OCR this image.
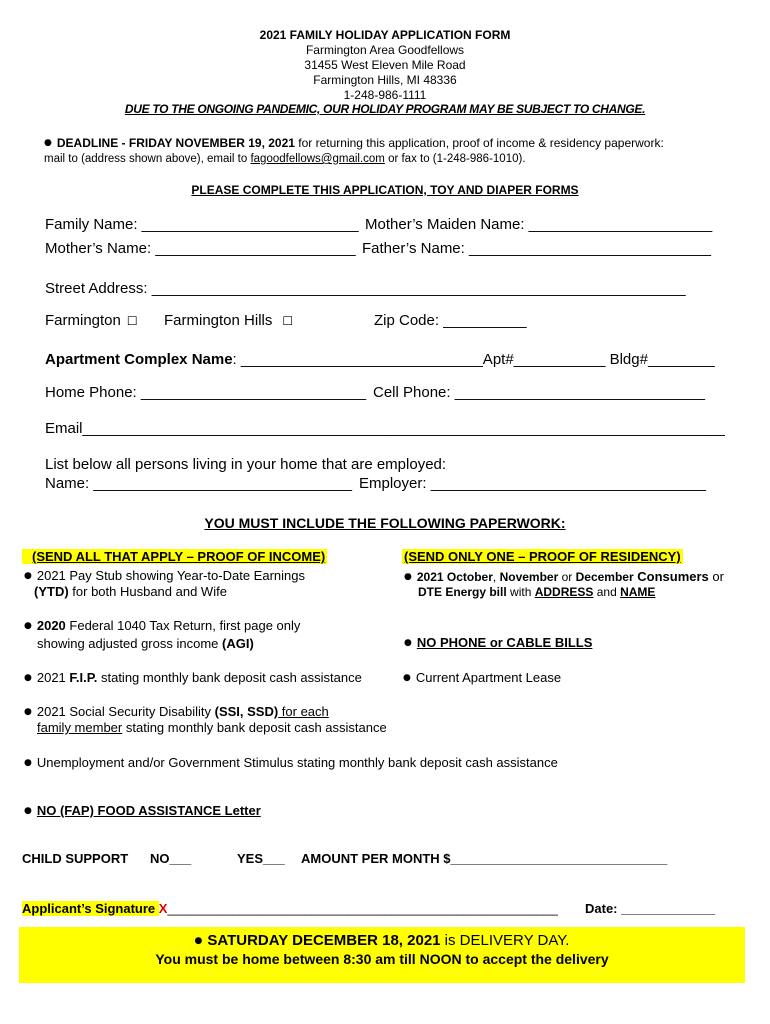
2021 FAMILY HOLIDAY APPLICATION FORM
Farmington Area Goodfellows
31455 West Eleven Mile Road
Farmington Hills, MI 48336
1-248-986-1111
DUE TO THE ONGOING PANDEMIC, OUR HOLIDAY PROGRAM MAY BE SUBJECT TO CHANGE.
● DEADLINE - FRIDAY NOVEMBER 19, 2021 for returning this application, proof of income & residency paperwork:
mail to (address shown above), email to fagoodfellows@gmail.com or fax to (1-248-986-1010).
PLEASE COMPLETE THIS APPLICATION, TOY AND DIAPER FORMS
Family Name: __________________________ Mother’s Maiden Name: ______________________
Mother’s Name: ________________________ Father’s Name: _____________________________
Street Address: ________________________________________________________________
Farmington ☐ Farmington Hills ☐	Zip Code: __________
Apartment Complex Name: _____________________________Apt#___________ Bldg#________
Home Phone: ___________________________ Cell Phone: ______________________________
Email_____________________________________________________________________________
List below all persons living in your home that are employed:
Name: _______________________________ Employer: _________________________________
YOU MUST INCLUDE THE FOLLOWING PAPERWORK:
(SEND ALL THAT APPLY – PROOF OF INCOME)	(SEND ONLY ONE – PROOF OF RESIDENCY)
● 2021 Pay Stub showing Year-to-Date Earnings
(YTD) for both Husband and Wife
● 2021 October, November or December Consumers or
DTE Energy bill with ADDRESS and NAME
● 2020 Federal 1040 Tax Return, first page only
showing adjusted gross income (AGI)	● NO PHONE or CABLE BILLS
● 2021 F.I.P. stating monthly bank deposit cash assistance	● Current Apartment Lease
● 2021 Social Security Disability (SSI, SSD) for each
family member stating monthly bank deposit cash assistance
● Unemployment and/or Government Stimulus stating monthly bank deposit cash assistance
● NO (FAP) FOOD ASSISTANCE Letter
CHILD SUPPORT NO___	YES___ AMOUNT PER MONTH $______________________________
Applicant’s Signature X______________________________________________________ Date: _____________
● SATURDAY DECEMBER 18, 2021 is DELIVERY DAY.
You must be home between 8:30 am till NOON to accept the delivery
